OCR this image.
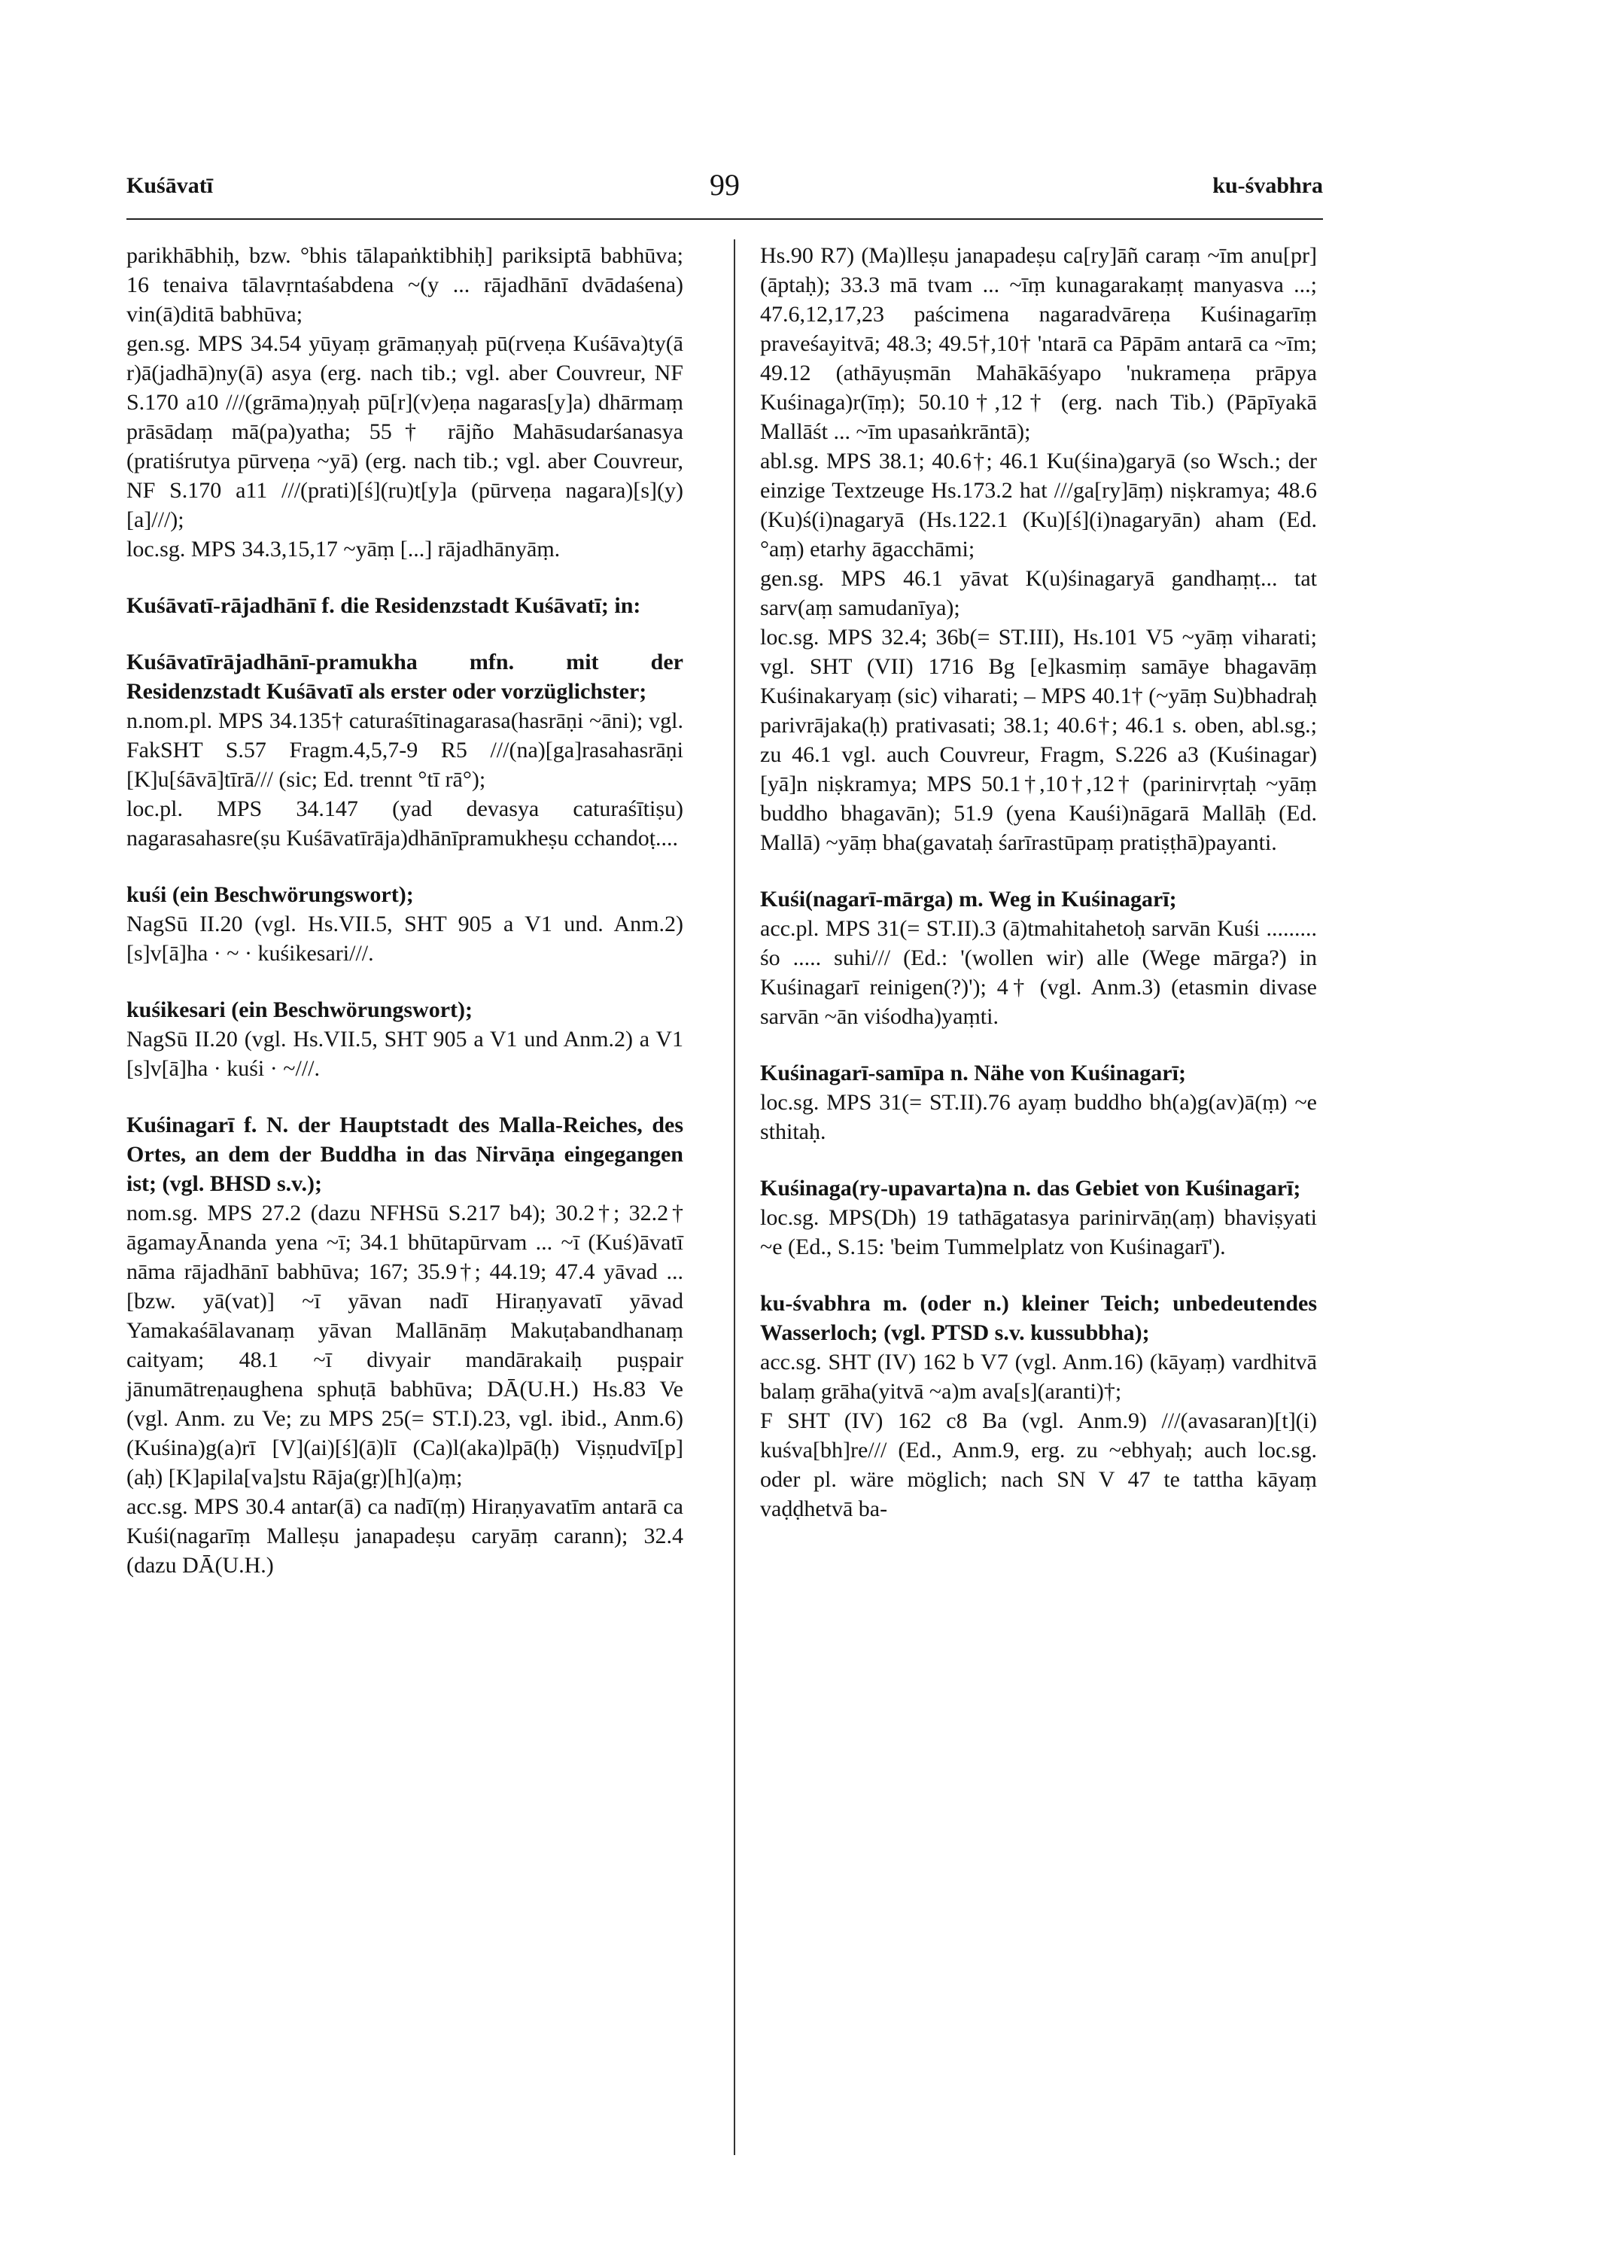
Kuśāvatī	99	ku-śvabhra

parikhābhiḥ, bzw. °bhis tālapaṅktibhiḥ] pariksiptā babhūva; 16 tenaiva tālavṛntaśabdena ~(y ... rājadhānī dvādaśena) vin(ā)ditā babhūva;

gen.sg. MPS 34.54 yūyaṃ grāmaṇyaḥ pū(rveṇa Kuśāva)ty(ā r)ā(jadhā)ny(ā) asya (erg. nach tib.; vgl. aber Couvreur, NF S.170 a10 ///(grāma)ṇyaḥ pū[r](v)eṇa nagaras[y]a) dhārmaṃ prāsādaṃ mā(pa)yatha; 55† rājño Mahāsudarśanasya (pratiśrutya pūrveṇa ~yā) (erg. nach tib.; vgl. aber Couvreur, NF S.170 a11 ///(prati)[ś](ru)t[y]a (pūrveṇa nagara)[s](y)[a]///);

loc.sg. MPS 34.3,15,17 ~yāṃ [...] rājadhānyāṃ.

Kuśāvatī-rājadhānī f. die Residenzstadt Kuśāvatī; in:

Kuśāvatīrājadhānī-pramukha mfn. mit der Residenzstadt Kuśāvatī als erster oder vorzüglichster;

n.nom.pl. MPS 34.135† caturaśītinagarasa(hasrāṇi ~āni); vgl. FakSHT S.57 Fragm.4,5,7-9 R5 ///(na)[ga]rasahasrāṇi [K]u[śāvā]tīrā/// (sic; Ed. trennt °tī rā°);

loc.pl. MPS 34.147 (yad devasya caturaśītiṣu) nagarasahasre(ṣu Kuśāvatīrāja)dhānīpramukheṣu cchandoṭ....

kuśi (ein Beschwörungswort);

NagSū II.20 (vgl. Hs.VII.5, SHT 905 a V1 und. Anm.2) [s]v[ā]ha · ~ · kuśikesari///.

kuśikesari (ein Beschwörungswort);

NagSū II.20 (vgl. Hs.VII.5, SHT 905 a V1 und Anm.2) a V1 [s]v[ā]ha · kuśi · ~///.

Kuśinagarī f. N. der Hauptstadt des Malla-Reiches, des Ortes, an dem der Buddha in das Nirvāṇa eingegangen ist; (vgl. BHSD s.v.);

nom.sg. MPS 27.2 (dazu NFHSū S.217 b4); 30.2†; 32.2† āgamayĀnanda yena ~ī; 34.1 bhūtapūrvam ... ~ī (Kuś)āvatī nāma rājadhānī babhūva; 167; 35.9†; 44.19; 47.4 yāvad ... [bzw. yā(vat)] ~ī yāvan nadī Hiraṇyavatī yāvad Yamakaśālavanaṃ yāvan Mallānāṃ Makuṭabandhanaṃ caityam; 48.1 ~ī divyair mandārakaiḥ puṣpair jānumātreṇaughena sphuṭā babhūva; DĀ(U.H.) Hs.83 Ve (vgl. Anm. zu Ve; zu MPS 25(= ST.I).23, vgl. ibid., Anm.6) (Kuśina)g(a)rī [V](ai)[ś](ā)lī (Ca)l(aka)lpā(ḥ) Viṣṇudvī[p](aḥ) [K]apila[va]stu Rāja(gṛ)[h](a)ṃ;

acc.sg. MPS 30.4 antar(ā) ca nadī(ṃ) Hiraṇyavatīm antarā ca Kuśi(nagarīṃ Malleṣu janapadeṣu caryāṃ carann); 32.4 (dazu DĀ(U.H.)

Hs.90 R7) (Ma)lleṣu janapadeṣu ca[ry]āñ caraṃ ~īm anu[pr](āptaḥ); 33.3 mā tvam ... ~īṃ kunagarakaṃṭ manyasva ...; 47.6,12,17,23 paścimena nagaradvāreṇa Kuśinagarīṃ praveśayitvā; 48.3; 49.5†,10† 'ntarā ca Pāpām antarā ca ~īm; 49.12 (athāyuṣmān Mahākāśyapo 'nukrameṇa prāpya Kuśinaga)r(īṃ); 50.10†,12† (erg. nach Tib.) (Pāpīyakā Mallāśt ... ~īm upasaṅkrāntā);

abl.sg. MPS 38.1; 40.6†; 46.1 Ku(śina)garyā (so Wsch.; der einzige Textzeuge Hs.173.2 hat ///ga[ry]āṃ) niṣkramya; 48.6 (Ku)ś(i)nagaryā (Hs.122.1 (Ku)[ś](i)nagaryān) aham (Ed. °aṃ) etarhy āgacchāmi;

gen.sg. MPS 46.1 yāvat K(u)śinagaryā gandhaṃṭ... tat sarv(aṃ samudanīya);

loc.sg. MPS 32.4; 36b(= ST.III), Hs.101 V5 ~yāṃ viharati; vgl. SHT (VII) 1716 Bg [e]kasmiṃ samāye bhagavāṃ Kuśinakaryaṃ (sic) viharati; – MPS 40.1† (~yāṃ Su)bhadraḥ parivrājaka(ḥ) prativasati; 38.1; 40.6†; 46.1 s. oben, abl.sg.; zu 46.1 vgl. auch Couvreur, Fragm, S.226 a3 (Kuśinagar)[yā]n niṣkramya; MPS 50.1†,10†,12† (parinirvṛtaḥ ~yāṃ buddho bhagavān); 51.9 (yena Kauśi)nāgarā Mallāḥ (Ed. Mallā) ~yāṃ bha(gavataḥ śarīrastūpaṃ pratiṣṭhā)payanti.

Kuśi(nagarī-mārga) m. Weg in Kuśinagarī;

acc.pl. MPS 31(= ST.II).3 (ā)tmahitahetoḥ sarvān Kuśi ......... śo ..... suhi/// (Ed.: '(wollen wir) alle (Wege mārga?) in Kuśinagarī reinigen(?)'); 4† (vgl. Anm.3) (etasmin divase sarvān ~ān viśodha)yaṃti.

Kuśinagarī-samīpa n. Nähe von Kuśinagarī;

loc.sg. MPS 31(= ST.II).76 ayaṃ buddho bh(a)g(av)ā(ṃ) ~e sthitaḥ.

Kuśinaga(ry-upavarta)na n. das Gebiet von Kuśinagarī;

loc.sg. MPS(Dh) 19 tathāgatasya parinirvāṇ(aṃ) bhaviṣyati ~e (Ed., S.15: 'beim Tummelplatz von Kuśinagarī').

ku-śvabhra m. (oder n.) kleiner Teich; unbedeutendes Wasserloch; (vgl. PTSD s.v. kussubbha);

acc.sg. SHT (IV) 162 b V7 (vgl. Anm.16) (kāyaṃ) vardhitvā balaṃ grāha(yitvā ~a)m ava[s](aranti)†;

F SHT (IV) 162 c8 Ba (vgl. Anm.9) ///(avasaran)[t](i) kuśva[bh]re/// (Ed., Anm.9, erg. zu ~ebhyaḥ; auch loc.sg. oder pl. wäre möglich; nach SN V 47 te tattha kāyaṃ vaḍḍhetvā ba-
